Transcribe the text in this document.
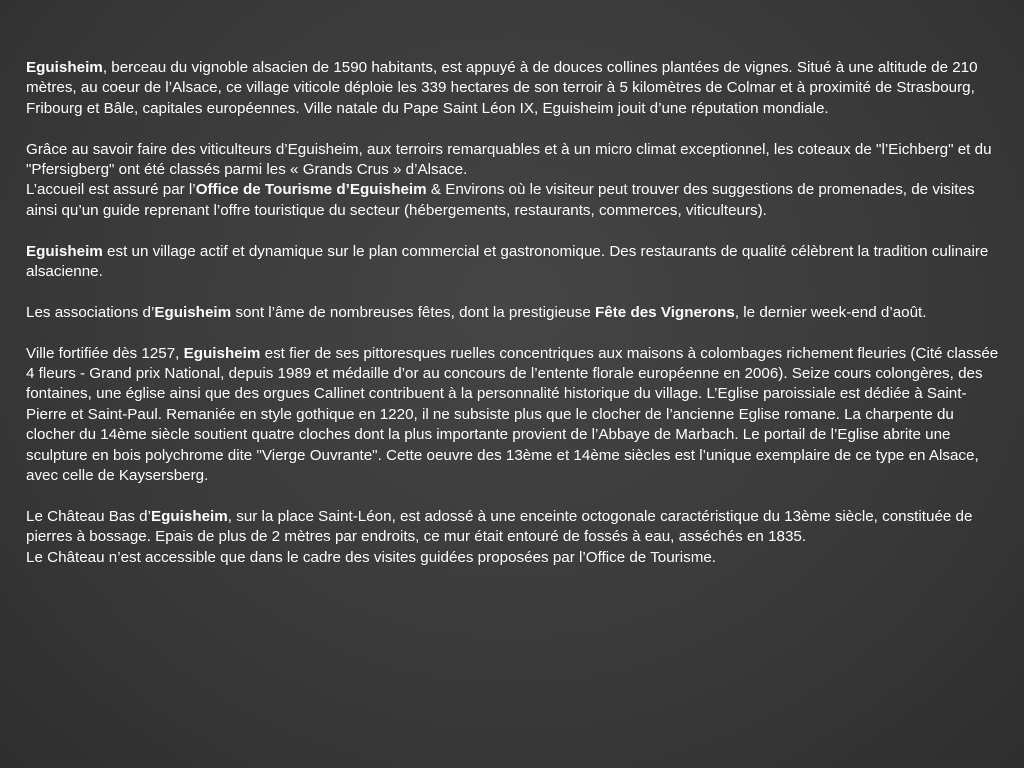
Eguisheim, berceau du vignoble alsacien de 1590 habitants, est appuyé à de douces collines plantées de vignes. Situé à une altitude de 210 mètres, au coeur de l’Alsace, ce village viticole déploie les 339 hectares de son terroir à 5 kilomètres de Colmar et à proximité de Strasbourg, Fribourg et Bâle, capitales européennes. Ville natale du Pape Saint Léon IX, Eguisheim jouit d’une réputation mondiale.

Grâce au savoir faire des viticulteurs d’Eguisheim, aux terroirs remarquables et à un micro climat exceptionnel, les coteaux de "l’Eichberg" et du "Pfersigberg" ont été classés parmi les « Grands Crus » d’Alsace.

L’accueil est assuré par l’Office de Tourisme d’Eguisheim & Environs où le visiteur peut trouver des suggestions de promenades, de visites ainsi qu’un guide reprenant l’offre touristique du secteur (hébergements, restaurants, commerces, viticulteurs).

Eguisheim est un village actif et dynamique sur le plan commercial et gastronomique. Des restaurants de qualité célèbrent la tradition culinaire alsacienne.

Les associations d’Eguisheim sont l’âme de nombreuses fêtes, dont la prestigieuse Fête des Vignerons, le dernier week-end d’août.

Ville fortifiée dès 1257, Eguisheim est fier de ses pittoresques ruelles concentriques aux maisons à colombages richement fleuries (Cité classée 4 fleurs - Grand prix National, depuis 1989 et médaille d’or au concours de l’entente florale européenne en 2006). Seize cours colongères, des fontaines, une église ainsi que des orgues Callinet contribuent à la personnalité historique du village. L’Eglise paroissiale est dédiée à Saint-Pierre et Saint-Paul. Remaniée en style gothique en 1220, il ne subsiste plus que le clocher de l’ancienne Eglise romane. La charpente du clocher du 14ème siècle soutient quatre cloches dont la plus importante provient de l’Abbaye de Marbach. Le portail de l’Eglise abrite une sculpture en bois polychrome dite "Vierge Ouvrante". Cette oeuvre des 13ème et 14ème siècles est l’unique exemplaire de ce type en Alsace, avec celle de Kaysersberg.

Le Château Bas d’Eguisheim, sur la place Saint-Léon, est adossé à une enceinte octogonale caractéristique du 13ème siècle, constituée de pierres à bossage. Epais de plus de 2 mètres par endroits, ce mur était entouré de fossés à eau, asséchés en 1835.

Le Château n’est accessible que dans le cadre des visites guidées proposées par l’Office de Tourisme.
